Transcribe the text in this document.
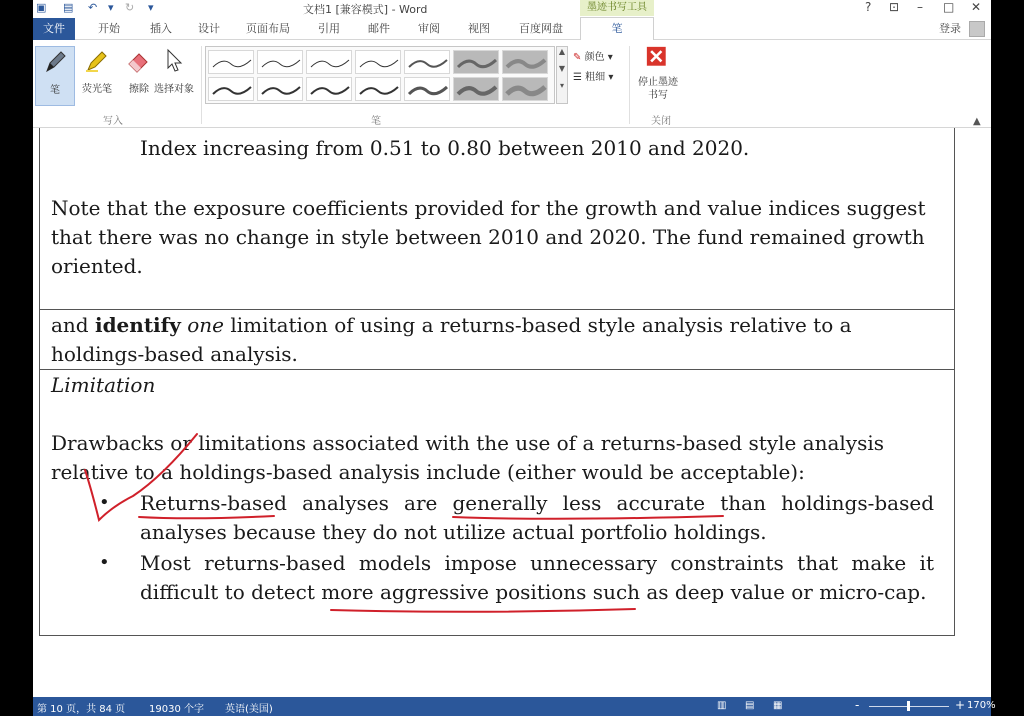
▣ ▤ ↶ ▾ ↻ ▾	文档1 [兼容模式] - Word	墨迹书写工具	? ⊡ – □ ✕
文件	开始	插入	设计	页面布局	引用	邮件	审阅	视图	百度网盘	笔	登录
笔	荧光笔	擦除 选择对象
写入
▲
▼
▾
笔
✎ 颜色 ▾
☰ 粗细 ▾	停止墨迹书写
关闭	▲
Index increasing from 0.51 to 0.80 between 2010 and 2020.
Note that the exposure coefficients provided for the growth and value indices suggest
that there was no change in style between 2010 and 2020. The fund remained growth
oriented.
and identify one limitation of using a returns-based style analysis relative to a
holdings-based analysis.
Limitation
Drawbacks or limitations associated with the use of a returns-based style analysis
relative to a holdings-based analysis include (either would be acceptable):
• Returns-based analyses are generally less accurate than holdings-based
analyses because they do not utilize actual portfolio holdings.
• Most returns-based models impose unnecessary constraints that make it
difficult to detect more aggressive positions such as deep value or micro-cap.
第 10 页，共 84 页 19030 个字 英语(美国)	▥ ▤ ▦	-	+ 170%
